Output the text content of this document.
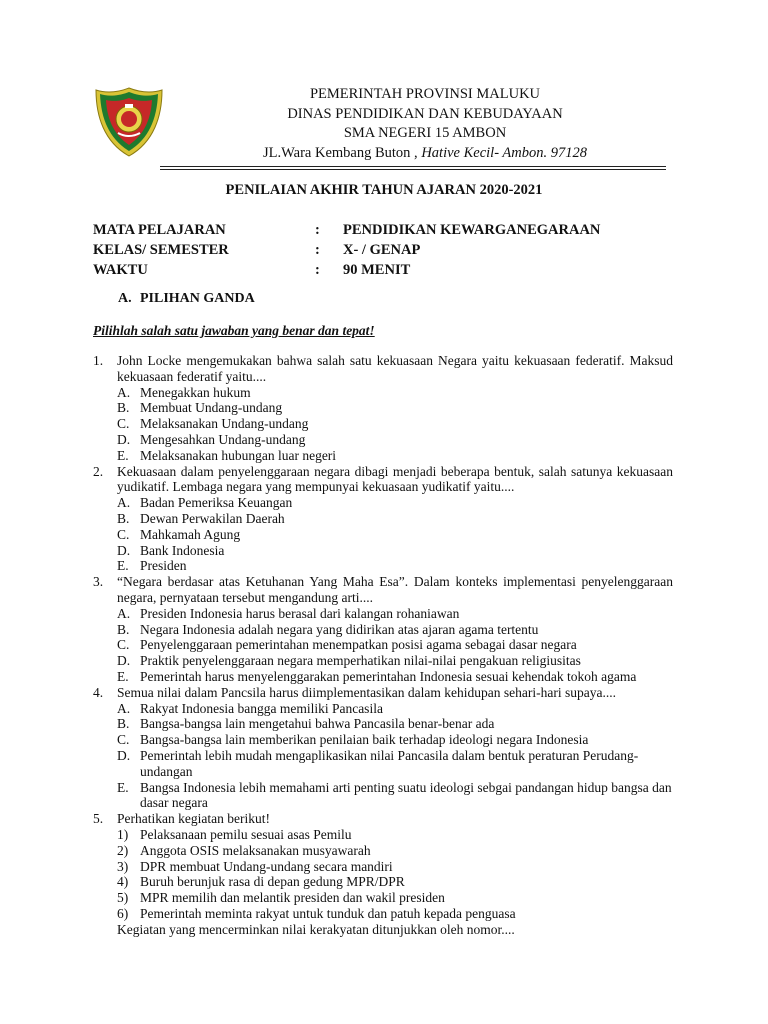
PEMERINTAH PROVINSI MALUKU
DINAS PENDIDIKAN DAN KEBUDAYAAN
SMA NEGERI 15 AMBON
JL.Wara Kembang Buton , Hative Kecil- Ambon. 97128
PENILAIAN AKHIR TAHUN AJARAN 2020-2021
MATA PELAJARAN	: PENDIDIKAN KEWARGANEGARAAN
KELAS/ SEMESTER	: X- / GENAP
WAKTU	: 90 MENIT
A. PILIHAN GANDA
Pilihlah salah satu jawaban yang benar dan tepat!
1. John Locke mengemukakan bahwa salah satu kekuasaan Negara yaitu kekuasaan federatif. Maksud kekuasaan federatif yaitu....
A. Menegakkan hukum
B. Membuat Undang-undang
C. Melaksanakan Undang-undang
D. Mengesahkan Undang-undang
E. Melaksanakan hubungan luar negeri
2. Kekuasaan dalam penyelenggaraan negara dibagi menjadi beberapa bentuk, salah satunya kekuasaan yudikatif. Lembaga negara yang mempunyai kekuasaan yudikatif yaitu....
A. Badan Pemeriksa Keuangan
B. Dewan Perwakilan Daerah
C. Mahkamah Agung
D. Bank Indonesia
E. Presiden
3. “Negara berdasar atas Ketuhanan Yang Maha Esa”. Dalam konteks implementasi penyelenggaraan negara, pernyataan tersebut mengandung arti....
A. Presiden Indonesia harus berasal dari kalangan rohaniawan
B. Negara Indonesia adalah negara yang didirikan atas ajaran agama tertentu
C. Penyelenggaraan pemerintahan menempatkan posisi agama sebagai dasar negara
D. Praktik penyelenggaraan negara memperhatikan nilai-nilai pengakuan religiusitas
E. Pemerintah harus menyelenggarakan pemerintahan Indonesia sesuai kehendak tokoh agama
4. Semua nilai dalam Pancsila harus diimplementasikan dalam kehidupan sehari-hari supaya....
A. Rakyat Indonesia bangga memiliki Pancasila
B. Bangsa-bangsa lain mengetahui bahwa Pancasila benar-benar ada
C. Bangsa-bangsa lain memberikan penilaian baik terhadap ideologi negara Indonesia
D. Pemerintah lebih mudah mengaplikasikan nilai Pancasila dalam bentuk peraturan Perudang-undangan
E. Bangsa Indonesia lebih memahami arti penting suatu ideologi sebgai pandangan hidup bangsa dan dasar negara
5. Perhatikan kegiatan berikut!
1) Pelaksanaan pemilu sesuai asas Pemilu
2) Anggota OSIS melaksanakan musyawarah
3) DPR membuat Undang-undang secara mandiri
4) Buruh berunjuk rasa di depan gedung MPR/DPR
5) MPR memilih dan melantik presiden dan wakil presiden
6) Pemerintah meminta rakyat untuk tunduk dan patuh kepada penguasa
Kegiatan yang mencerminkan nilai kerakyatan ditunjukkan oleh nomor....
